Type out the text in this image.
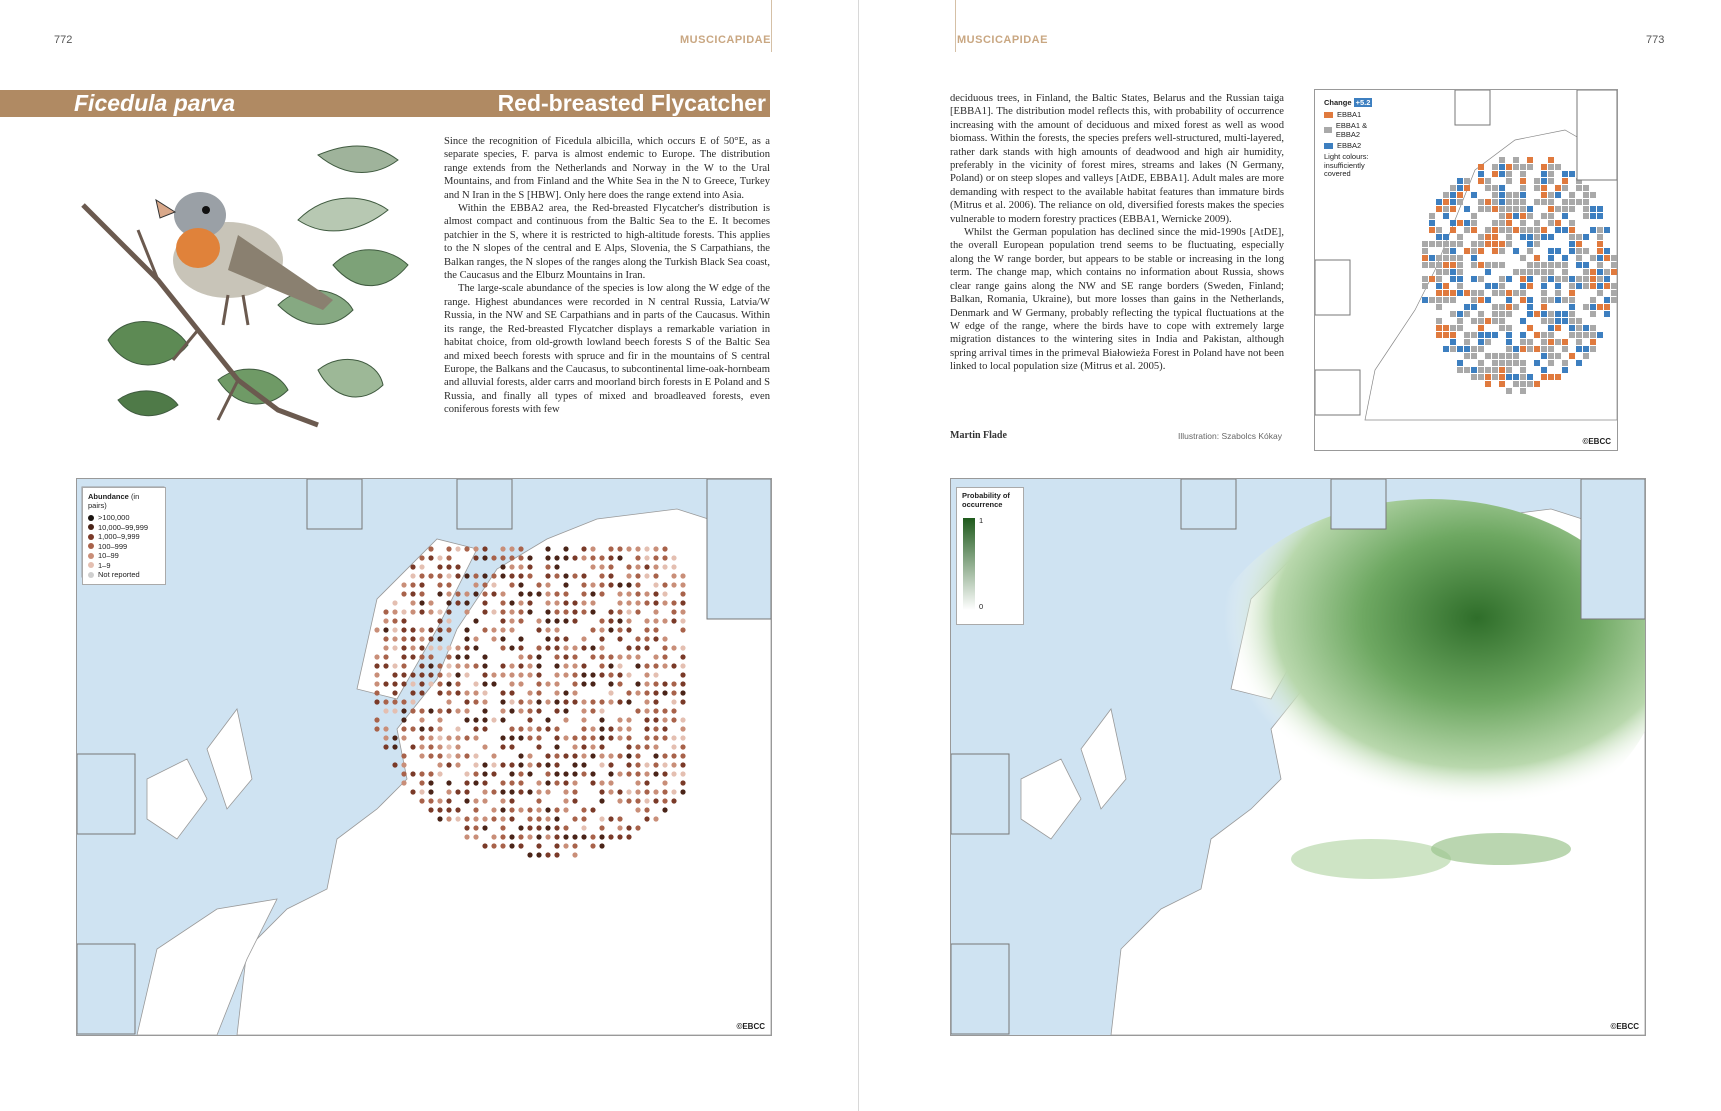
772	MUSCICAPIDAE
Ficedula parva	Red-breasted Flycatcher

Since the recognition of Ficedula albicilla, which occurs E of 50°E, as a separate species, F. parva is almost endemic to Europe. The distribution range extends from the Netherlands and Norway in the W to the Ural Mountains, and from Finland and the White Sea in the N to Greece, Turkey and N Iran in the S [HBW]. Only here does the range extend into Asia.

Within the EBBA2 area, the Red-breasted Flycatcher's distribution is almost compact and continuous from the Baltic Sea to the E. It becomes patchier in the S, where it is restricted to high-altitude forests. This applies to the N slopes of the central and E Alps, Slovenia, the S Carpathians, the Balkan ranges, the N slopes of the ranges along the Turkish Black Sea coast, the Caucasus and the Elburz Mountains in Iran.

The large-scale abundance of the species is low along the W edge of the range. Highest abundances were recorded in N central Russia, Latvia/W Russia, in the NW and SE Carpathians and in parts of the Caucasus. Within its range, the Red-breasted Flycatcher displays a remarkable variation in habitat choice, from old-growth lowland beech forests S of the Baltic Sea and mixed beech forests with spruce and fir in the mountains of S central Europe, the Balkans and the Caucasus, to subcontinental lime-oak-hornbeam and alluvial forests, alder carrs and moorland birch forests in E Poland and S Russia, and finally all types of mixed and broadleaved forests, even coniferous forests with few

Abundance (in pairs)
>100,000
10,000–99,999
1,000–9,999
100–999
10–99
1–9
Not reported
©EBCC
MUSCICAPIDAE	773

deciduous trees, in Finland, the Baltic States, Belarus and the Russian taiga [EBBA1]. The distribution model reflects this, with probability of occurrence increasing with the amount of deciduous and mixed forest as well as wood biomass. Within the forests, the species prefers well-structured, multi-layered, rather dark stands with high amounts of deadwood and high air humidity, preferably in the vicinity of forest mires, streams and lakes (N Germany, Poland) or on steep slopes and valleys [AtDE, EBBA1]. Adult males are more demanding with respect to the available habitat features than immature birds (Mitrus et al. 2006). The reliance on old, diversified forests makes the species vulnerable to modern forestry practices (EBBA1, Wernicke 2009).

Whilst the German population has declined since the mid-1990s [AtDE], the overall European population trend seems to be fluctuating, especially along the W range border, but appears to be stable or increasing in the long term. The change map, which contains no information about Russia, shows clear range gains along the NW and SE range borders (Sweden, Finland; Balkan, Romania, Ukraine), but more losses than gains in the Netherlands, Denmark and W Germany, probably reflecting the typical fluctuations at the W edge of the range, where the birds have to cope with extremely large migration distances to the wintering sites in India and Pakistan, although spring arrival times in the primeval Białowieża Forest in Poland have not been linked to local population size (Mitrus et al. 2005).

Martin Flade	Illustration: Szabolcs Kókay
Change +5.2
EBBA1
EBBA1 & EBBA2
EBBA2
Light colours: insufficiently covered
©EBCC
Probability of occurrence
1
0
©EBCC
